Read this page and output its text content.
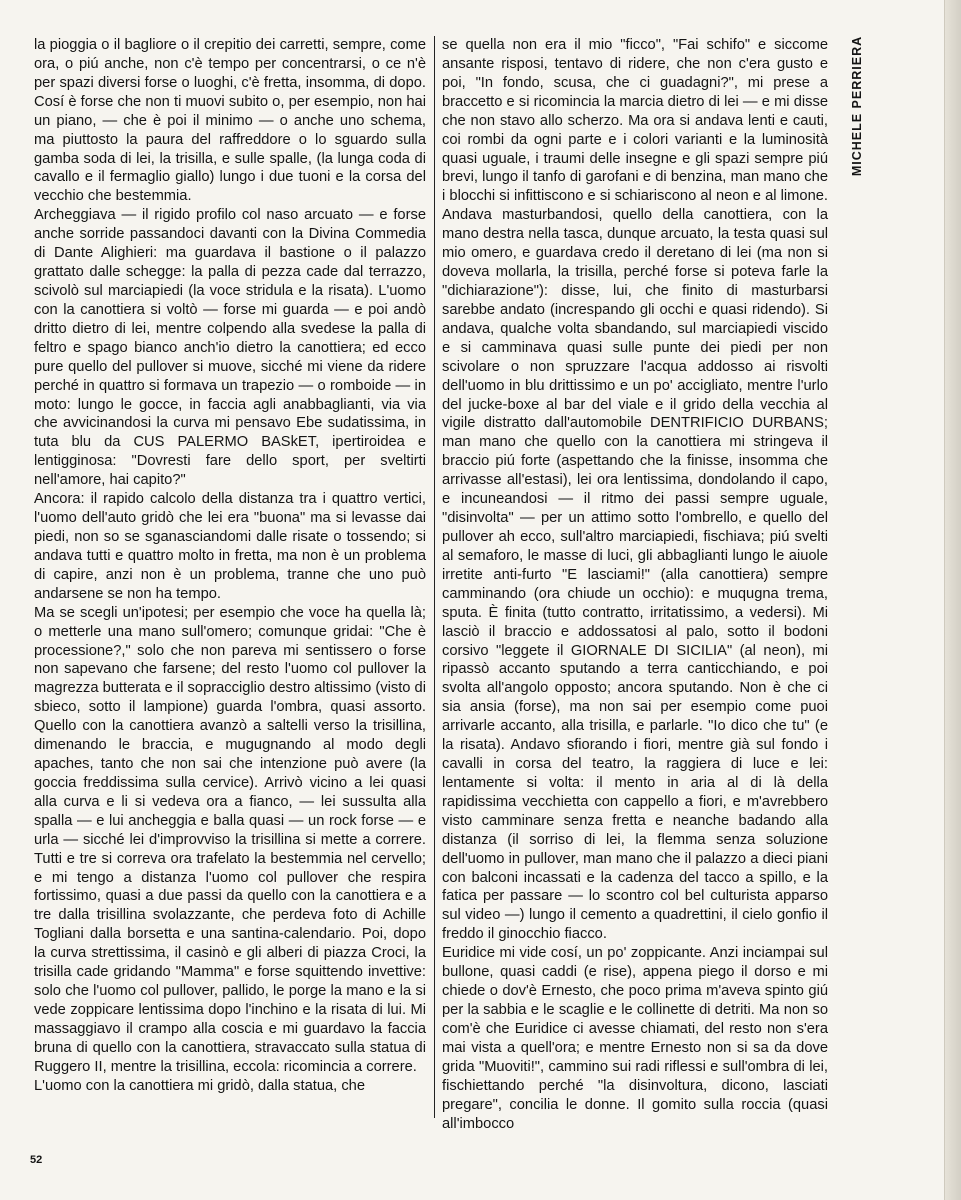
la pioggia o il bagliore o il crepitio dei carretti, sempre, come ora, o piú anche, non c'è tempo per concentrarsi, o ce n'è per spazi diversi forse o luoghi, c'è fretta, insomma, di dopo. Cosí è forse che non ti muovi subito o, per esempio, non hai un piano, — che è poi il minimo — o anche uno schema, ma piuttosto la paura del raffreddore o lo sguardo sulla gamba soda di lei, la trisilla, e sulle spalle, (la lunga coda di cavallo e il fermaglio giallo) lungo i due tuoni e la corsa del vecchio che bestemmia.

Archeggiava — il rigido profilo col naso arcuato — e forse anche sorride passandoci davanti con la Divina Commedia di Dante Alighieri: ma guardava il bastione o il palazzo grattato dalle schegge: la palla di pezza cade dal terrazzo, scivolò sul marciapiedi (la voce stridula e la risata). L'uomo con la canottiera si voltò — forse mi guarda — e poi andò dritto dietro di lei, mentre colpendo alla svedese la palla di feltro e spago bianco anch'io dietro la canottiera; ed ecco pure quello del pullover si muove, sicché mi viene da ridere perché in quattro si formava un trapezio — o romboide — in moto: lungo le gocce, in faccia agli anabbaglianti, via via che avvicinandosi la curva mi pensavo Ebe sudatissima, in tuta blu da CUS PALERMO BASkET, ipertiroidea e lentigginosa: "Dovresti fare dello sport, per sveltirti nell'amore, hai capito?"

Ancora: il rapido calcolo della distanza tra i quattro vertici, l'uomo dell'auto gridò che lei era "buona" ma si levasse dai piedi, non so se sganasciandomi dalle risate o tossendo; si andava tutti e quattro molto in fretta, ma non è un problema di capire, anzi non è un problema, tranne che uno può andarsene se non ha tempo.

Ma se scegli un'ipotesi; per esempio che voce ha quella là; o metterle una mano sull'omero; comunque gridai: "Che è processione?," solo che non pareva mi sentissero o forse non sapevano che farsene; del resto l'uomo col pullover la magrezza butterata e il sopracciglio destro altissimo (visto di sbieco, sotto il lampione) guarda l'ombra, quasi assorto. Quello con la canottiera avanzò a saltelli verso la trisillina, dimenando le braccia, e mugugnando al modo degli apaches, tanto che non sai che intenzione può avere (la goccia freddissima sulla cervice). Arrivò vicino a lei quasi alla curva e li si vedeva ora a fianco, — lei sussulta alla spalla — e lui ancheggia e balla quasi — un rock forse — e urla — sicché lei d'improvviso la trisillina si mette a correre. Tutti e tre si correva ora trafelato la bestemmia nel cervello; e mi tengo a distanza l'uomo col pullover che respira fortissimo, quasi a due passi da quello con la canottiera e a tre dalla trisillina svolazzante, che perdeva foto di Achille Togliani dalla borsetta e una santina-calendario. Poi, dopo la curva strettissima, il casinò e gli alberi di piazza Croci, la trisilla cade gridando "Mamma" e forse squittendo invettive: solo che l'uomo col pullover, pallido, le porge la mano e la si vede zoppicare lentissima dopo l'inchino e la risata di lui. Mi massaggiavo il crampo alla coscia e mi guardavo la faccia bruna di quello con la canottiera, stravaccato sulla statua di Ruggero II, mentre la trisillina, eccola: ricomincia a correre.

L'uomo con la canottiera mi gridò, dalla statua, che

se quella non era il mio "ficco", "Fai schifo" e siccome ansante risposi, tentavo di ridere, che non c'era gusto e poi, "In fondo, scusa, che ci guadagni?", mi prese a braccetto e si ricomincia la marcia dietro di lei — e mi disse che non stavo allo scherzo. Ma ora si andava lenti e cauti, coi rombi da ogni parte e i colori varianti e la luminosità quasi uguale, i traumi delle insegne e gli spazi sempre piú brevi, lungo il tanfo di garofani e di benzina, man mano che i blocchi si infittiscono e si schiariscono al neon e al limone. Andava masturbandosi, quello della canottiera, con la mano destra nella tasca, dunque arcuato, la testa quasi sul mio omero, e guardava credo il deretano di lei (ma non si doveva mollarla, la trisilla, perché forse si poteva farle la "dichiarazione"): disse, lui, che finito di masturbarsi sarebbe andato (increspando gli occhi e quasi ridendo). Si andava, qualche volta sbandando, sul marciapiedi viscido e si camminava quasi sulle punte dei piedi per non scivolare o non spruzzare l'acqua addosso ai risvolti dell'uomo in blu drittissimo e un po' accigliato, mentre l'urlo del jucke-boxe al bar del viale e il grido della vecchia al vigile distratto dall'automobile DENTRIFICIO DURBANS; man mano che quello con la canottiera mi stringeva il braccio piú forte (aspettando che la finisse, insomma che arrivasse all'estasi), lei ora lentissima, dondolando il capo, e incuneandosi — il ritmo dei passi sempre uguale, "disinvolta" — per un attimo sotto l'ombrello, e quello del pullover ah ecco, sull'altro marciapiedi, fischiava; piú svelti al semaforo, le masse di luci, gli abbaglianti lungo le aiuole irretite anti-furto "E lasciami!" (alla canottiera) sempre camminando (ora chiude un occhio): e muqugna trema, sputa. È finita (tutto contratto, irritatissimo, a vedersi). Mi lasciò il braccio e addossatosi al palo, sotto il bodoni corsivo "leggete il GIORNALE DI SICILIA" (al neon), mi ripassò accanto sputando a terra canticchiando, e poi svolta all'angolo opposto; ancora sputando. Non è che ci sia ansia (forse), ma non sai per esempio come puoi arrivarle accanto, alla trisilla, e parlarle. "Io dico che tu" (e la risata). Andavo sfiorando i fiori, mentre già sul fondo i cavalli in corsa del teatro, la raggiera di luce e lei: lentamente si volta: il mento in aria al di là della rapidissima vecchietta con cappello a fiori, e m'avrebbero visto camminare senza fretta e neanche badando alla distanza (il sorriso di lei, la flemma senza soluzione dell'uomo in pullover, man mano che il palazzo a dieci piani con balconi incassati e la cadenza del tacco a spillo, e la fatica per passare — lo scontro col bel culturista apparso sul video —) lungo il cemento a quadrettini, il cielo gonfio il freddo il ginocchio fiacco.

Euridice mi vide cosí, un po' zoppicante. Anzi inciampai sul bullone, quasi caddi (e rise), appena piego il dorso e mi chiede o dov'è Ernesto, che poco prima m'aveva spinto giú per la sabbia e le scaglie e le collinette di detriti. Ma non so com'è che Euridice ci avesse chiamati, del resto non s'era mai vista a quell'ora; e mentre Ernesto non si sa da dove grida "Muoviti!", cammino sui radi riflessi e sull'ombra di lei, fischiettando perché "la disinvoltura, dicono, lasciati pregare", concilia le donne. Il gomito sulla roccia (quasi all'imbocco

MICHELE PERRIERA
52
